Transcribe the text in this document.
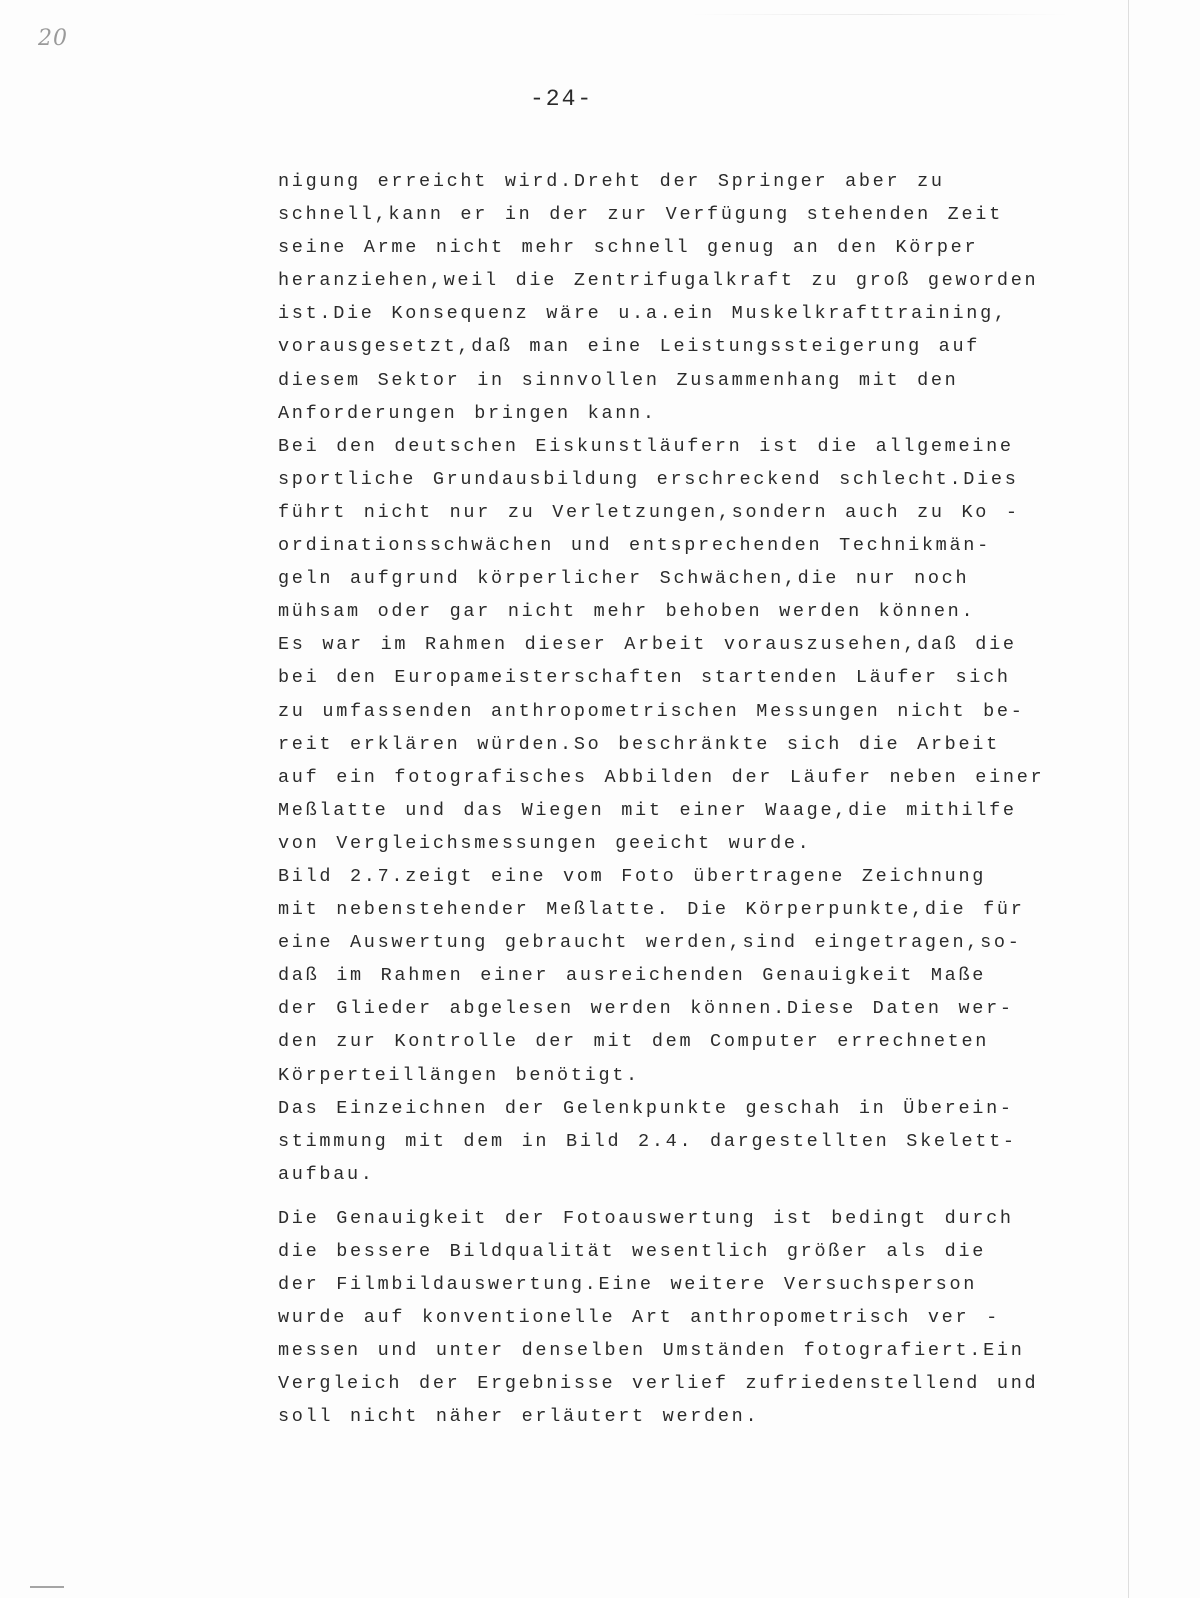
20
-24-
nigung erreicht wird.Dreht der Springer aber zu
schnell,kann er in der zur Verfügung stehenden Zeit
seine Arme nicht mehr schnell genug an den Körper
heranziehen,weil die Zentrifugalkraft zu groß geworden
ist.Die Konsequenz wäre u.a.ein Muskelkrafttraining,
vorausgesetzt,daß man eine Leistungssteigerung auf
diesem Sektor in sinnvollen Zusammenhang mit den
Anforderungen bringen kann.
Bei den deutschen Eiskunstläufern ist die allgemeine
sportliche Grundausbildung erschreckend schlecht.Dies
führt nicht nur zu Verletzungen,sondern auch zu Ko -
ordinationsschwächen und entsprechenden Technikmän-
geln aufgrund körperlicher Schwächen,die nur noch
mühsam oder gar nicht mehr behoben werden können.
Es war im Rahmen dieser Arbeit vorauszusehen,daß die
bei den Europameisterschaften startenden Läufer sich
zu umfassenden anthropometrischen Messungen nicht be-
reit erklären würden.So beschränkte sich die Arbeit
auf ein fotografisches Abbilden der Läufer neben einer
Meßlatte und das Wiegen mit einer Waage,die mithilfe
von Vergleichsmessungen geeicht wurde.
Bild 2.7.zeigt eine vom Foto übertragene Zeichnung
mit nebenstehender Meßlatte. Die Körperpunkte,die für
eine Auswertung gebraucht werden,sind eingetragen,so-
daß im Rahmen einer ausreichenden Genauigkeit Maße
der Glieder abgelesen werden können.Diese Daten wer-
den zur Kontrolle der mit dem Computer errechneten
Körperteillängen benötigt.
Das Einzeichnen der Gelenkpunkte geschah in Überein-
stimmung mit dem in Bild 2.4. dargestellten Skelett-
aufbau.
Die Genauigkeit der Fotoauswertung ist bedingt durch
die bessere Bildqualität wesentlich größer als die
der Filmbildauswertung.Eine weitere Versuchsperson
wurde auf konventionelle Art anthropometrisch ver -
messen und unter denselben Umständen fotografiert.Ein
Vergleich der Ergebnisse verlief zufriedenstellend und
soll nicht näher erläutert werden.
